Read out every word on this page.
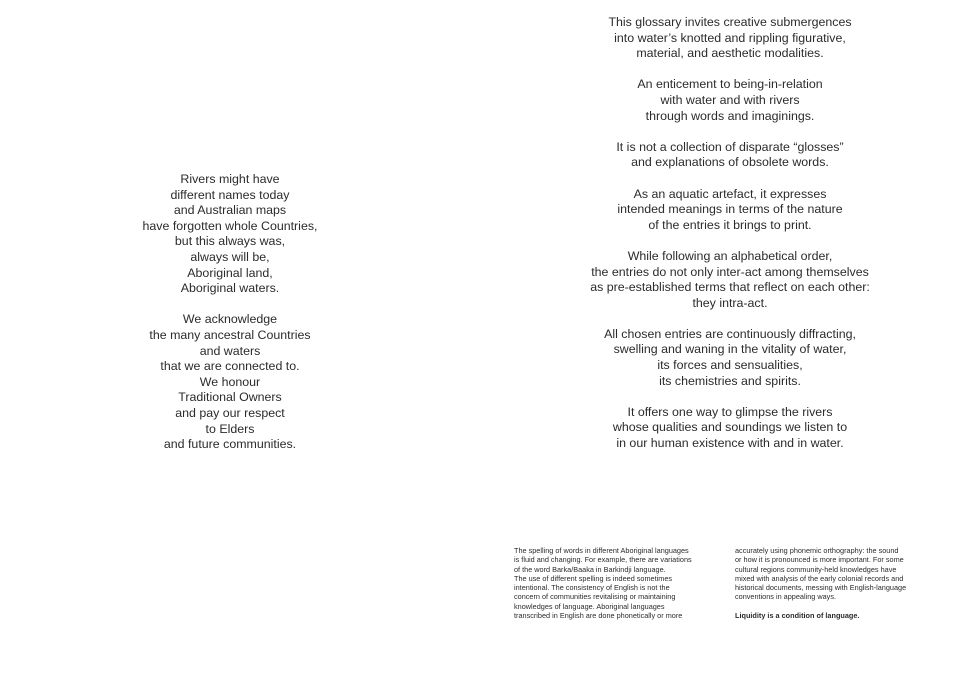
Rivers might have
different names today
and Australian maps
have forgotten whole Countries,
but this always was,
always will be,
Aboriginal land,
Aboriginal waters.

We acknowledge
the many ancestral Countries
and waters
that we are connected to.
We honour
Traditional Owners
and pay our respect
to Elders
and future communities.

This glossary invites creative submergences
into water’s knotted and rippling figurative,
material, and aesthetic modalities.

An enticement to being-in-relation
with water and with rivers
through words and imaginings.

It is not a collection of disparate “glosses”
and explanations of obsolete words.

As an aquatic artefact, it expresses
intended meanings in terms of the nature
of the entries it brings to print.

While following an alphabetical order,
the entries do not only inter-act among themselves
as pre-established terms that reflect on each other:
they intra-act.

All chosen entries are continuously diffracting,
swelling and waning in the vitality of water,
its forces and sensualities,
its chemistries and spirits.

It offers one way to glimpse the rivers
whose qualities and soundings we listen to
in our human existence with and in water.

The spelling of words in different Aboriginal languages
is fluid and changing. For example, there are variations
of the word Barka/Baaka in Barkindji language.
The use of different spelling is indeed sometimes
intentional. The consistency of English is not the
concern of communities revitalising or maintaining
knowledges of language. Aboriginal languages
transcribed in English are done phonetically or more
accurately using phonemic orthography: the sound
or how it is pronounced is more important. For some
cultural regions community-held knowledges have
mixed with analysis of the early colonial records and
historical documents, messing with English-language
conventions in appealing ways.
Liquidity is a condition of language.
